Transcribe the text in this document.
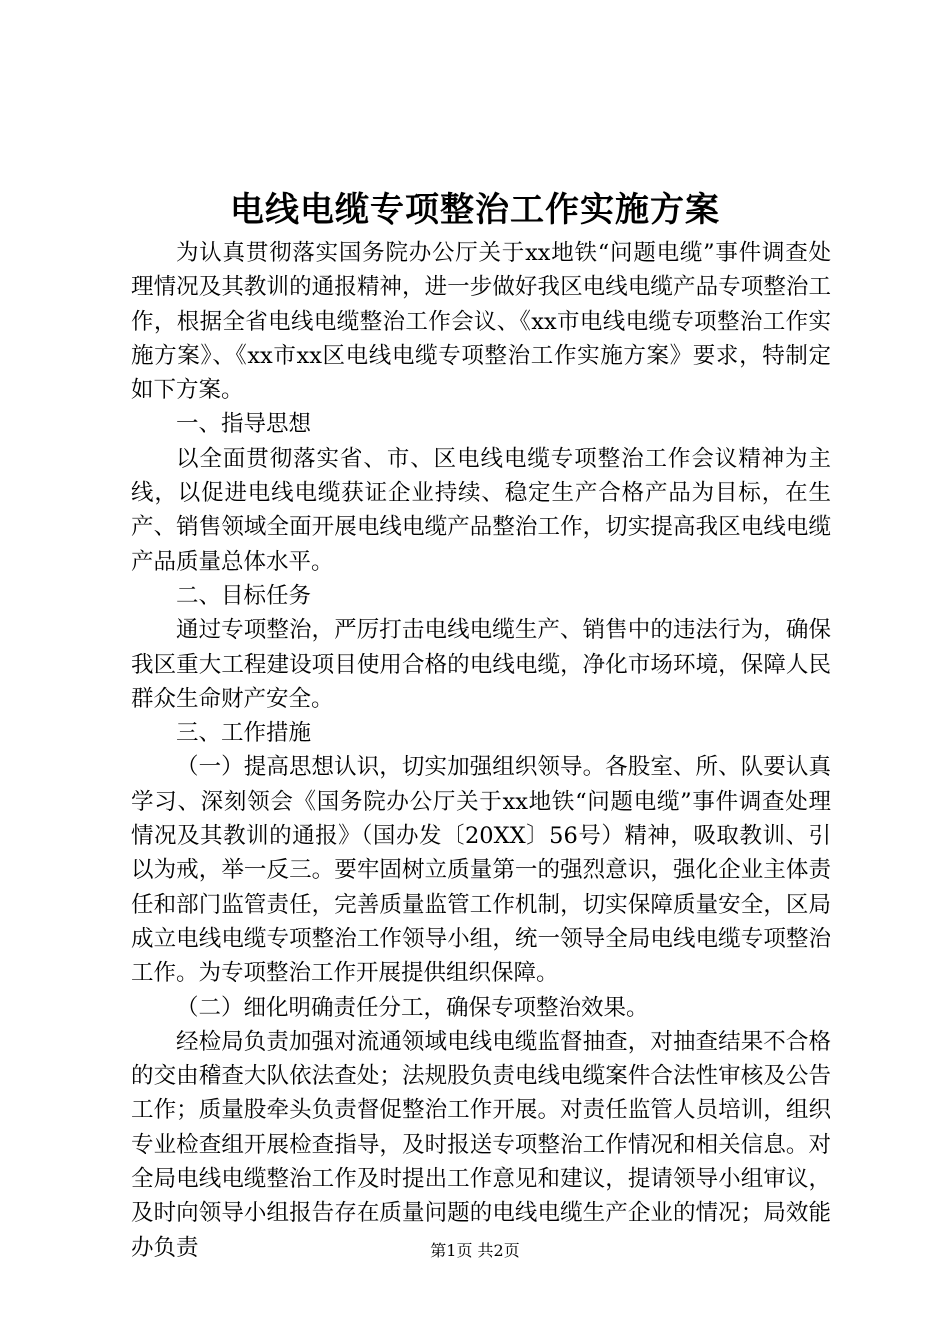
电线电缆专项整治工作实施方案

为认真贯彻落实国务院办公厅关于xx地铁“问题电缆”事件调查处理情况及其教训的通报精神，进一步做好我区电线电缆产品专项整治工作，根据全省电线电缆整治工作会议、《xx市电线电缆专项整治工作实施方案》、《xx市xx区电线电缆专项整治工作实施方案》要求，特制定如下方案。

一、指导思想

以全面贯彻落实省、市、区电线电缆专项整治工作会议精神为主线，以促进电线电缆获证企业持续、稳定生产合格产品为目标，在生产、销售领域全面开展电线电缆产品整治工作，切实提高我区电线电缆产品质量总体水平。

二、目标任务

通过专项整治，严厉打击电线电缆生产、销售中的违法行为，确保我区重大工程建设项目使用合格的电线电缆，净化市场环境，保障人民群众生命财产安全。

三、工作措施

（一）提高思想认识，切实加强组织领导。各股室、所、队要认真学习、深刻领会《国务院办公厅关于xx地铁“问题电缆”事件调查处理情况及其教训的通报》（国办发〔20XX〕56号）精神，吸取教训、引以为戒，举一反三。要牢固树立质量第一的强烈意识，强化企业主体责任和部门监管责任，完善质量监管工作机制，切实保障质量安全，区局成立电线电缆专项整治工作领导小组，统一领导全局电线电缆专项整治工作。为专项整治工作开展提供组织保障。

（二）细化明确责任分工，确保专项整治效果。

经检局负责加强对流通领域电线电缆监督抽查，对抽查结果不合格的交由稽查大队依法查处；法规股负责电线电缆案件合法性审核及公告工作；质量股牵头负责督促整治工作开展。对责任监管人员培训，组织专业检查组开展检查指导，及时报送专项整治工作情况和相关信息。对全局电线电缆整治工作及时提出工作意见和建议，提请领导小组审议，及时向领导小组报告存在质量问题的电线电缆生产企业的情况；局效能办负责	第1页 共2页
